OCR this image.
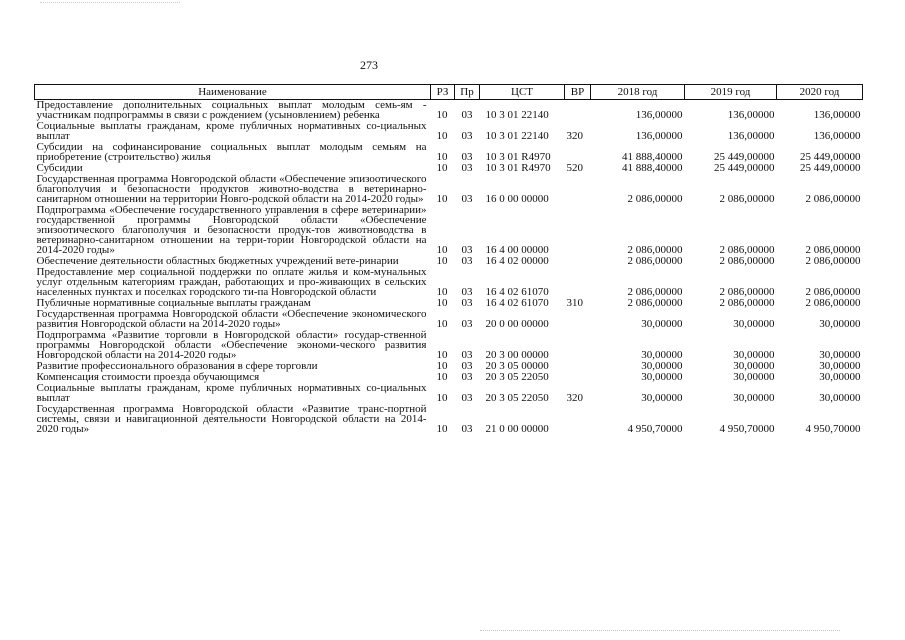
273
Наименование	РЗ	Пр	ЦСТ	ВР	2018 год	2019 год	2020 год
Предоставление дополнительных социальных выплат молодым семь-ям - участникам подпрограммы в связи с рождением (усыновлением) ребенка	10	03	10 3 01 22140		136,00000	136,00000	136,00000
Социальные выплаты гражданам, кроме публичных нормативных со-циальных выплат	10	03	10 3 01 22140	320	136,00000	136,00000	136,00000
Субсидии на софинансирование социальных выплат молодым семьям на приобретение (строительство) жилья	10	03	10 3 01 R4970		41 888,40000	25 449,00000	25 449,00000
Субсидии	10	03	10 3 01 R4970	520	41 888,40000	25 449,00000	25 449,00000
Государственная программа Новгородской области «Обеспечение эпизоотического благополучия и безопасности продуктов животно-водства в ветеринарно-санитарном отношении на территории Новго-родской области на 2014-2020 годы»	10	03	16 0 00 00000		2 086,00000	2 086,00000	2 086,00000
Подпрограмма «Обеспечение государственного управления в сфере ветеринарии» государственной программы Новгородской области «Обеспечение эпизоотического благополучия и безопасности продук-тов животноводства в ветеринарно-санитарном отношении на терри-тории Новгородской области на 2014-2020 годы»	10	03	16 4 00 00000		2 086,00000	2 086,00000	2 086,00000
Обеспечение деятельности областных бюджетных учреждений вете-ринарии	10	03	16 4 02 00000		2 086,00000	2 086,00000	2 086,00000
Предоставление мер социальной поддержки по оплате жилья и ком-мунальных услуг отдельным категориям граждан, работающих и про-живающих в сельских населенных пунктах и поселках городского ти-па Новгородской области	10	03	16 4 02 61070		2 086,00000	2 086,00000	2 086,00000
Публичные нормативные социальные выплаты гражданам	10	03	16 4 02 61070	310	2 086,00000	2 086,00000	2 086,00000
Государственная программа Новгородской области «Обеспечение экономического развития Новгородской области на 2014-2020 годы»	10	03	20 0 00 00000		30,00000	30,00000	30,00000
Подпрограмма «Развитие торговли в Новгородской области» государ-ственной программы Новгородской области «Обеспечение экономи-ческого развития Новгородской области на 2014-2020 годы»	10	03	20 3 00 00000		30,00000	30,00000	30,00000
Развитие профессионального образования в сфере торговли	10	03	20 3 05 00000		30,00000	30,00000	30,00000
Компенсация стоимости проезда обучающимся	10	03	20 3 05 22050		30,00000	30,00000	30,00000
Социальные выплаты гражданам, кроме публичных нормативных со-циальных выплат	10	03	20 3 05 22050	320	30,00000	30,00000	30,00000
Государственная программа Новгородской области «Развитие транс-портной системы, связи и навигационной деятельности Новгородской области на 2014-2020 годы»	10	03	21 0 00 00000		4 950,70000	4 950,70000	4 950,70000
